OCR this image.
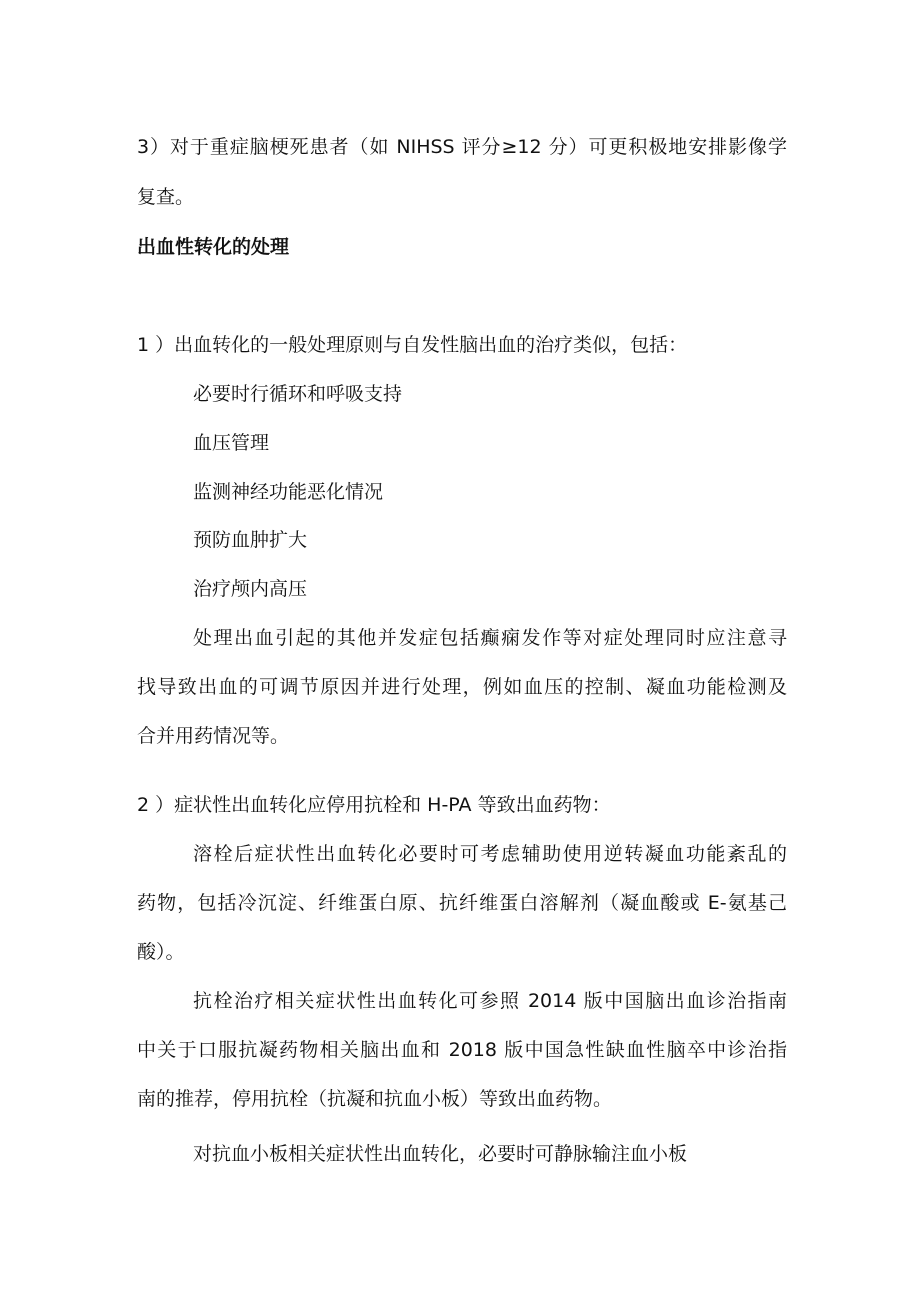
3）对于重症脑梗死患者（如 NIHSS 评分≥12 分）可更积极地安排影像学
复查。
出血性转化的处理
1 ）出血转化的一般处理原则与自发性脑出血的治疗类似，包括：
必要时行循环和呼吸支持
血压管理
监测神经功能恶化情况
预防血肿扩大
治疗颅内高压
处理出血引起的其他并发症包括癫痫发作等对症处理同时应注意寻
找导致出血的可调节原因并进行处理，例如血压的控制、凝血功能检测及
合并用药情况等。
2 ）症状性出血转化应停用抗栓和 H-PA 等致出血药物：
溶栓后症状性出血转化必要时可考虑辅助使用逆转凝血功能紊乱的
药物，包括冷沉淀、纤维蛋白原、抗纤维蛋白溶解剂（凝血酸或 E-氨基己
酸）。
抗栓治疗相关症状性出血转化可参照 2014 版中国脑出血诊治指南
中关于口服抗凝药物相关脑出血和 2018 版中国急性缺血性脑卒中诊治指
南的推荐，停用抗栓（抗凝和抗血小板）等致出血药物。
对抗血小板相关症状性出血转化，必要时可静脉输注血小板
